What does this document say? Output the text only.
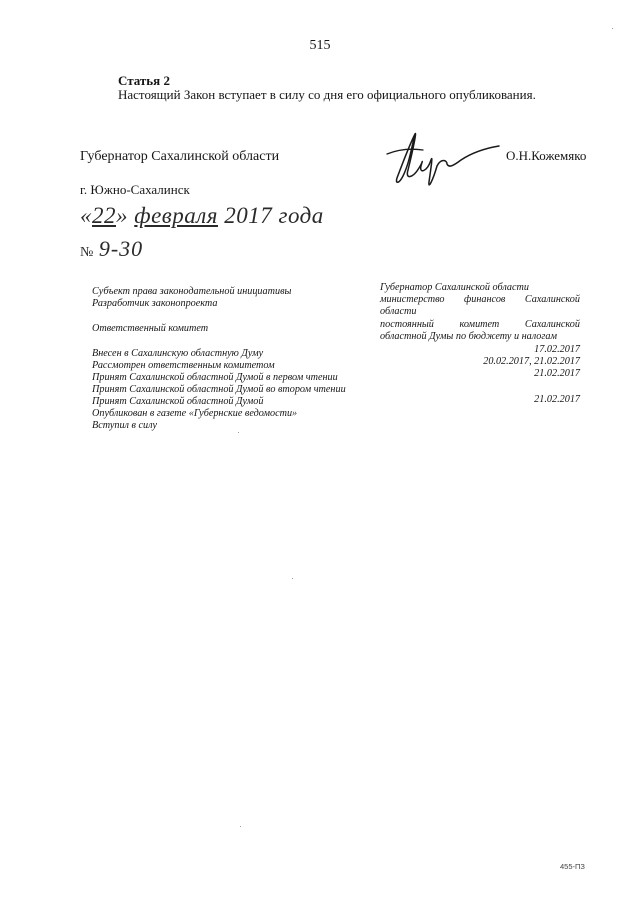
515
Статья 2
Настоящий Закон вступает в силу со дня его официального опубликования.
Губернатор Сахалинской области	О.Н.Кожемяко
г. Южно-Сахалинск
«22» февраля 2017 года
№ 9-30
Субъект права законодательной инициативы
Разработчик законопроекта
Ответственный комитет
Внесен в Сахалинскую областную Думу
Рассмотрен ответственным комитетом
Принят Сахалинской областной Думой в первом чтении
Принят Сахалинской областной Думой во втором чтении
Принят Сахалинской областной Думой
Опубликован в газете «Губернские ведомости»
Вступил в силу
Губернатор Сахалинской области
министерство финансов Сахалинской
области
постоянный комитет Сахалинской
областной Думы по бюджету и налогам
17.02.2017
20.02.2017, 21.02.2017
21.02.2017
21.02.2017
455-ПЗ
